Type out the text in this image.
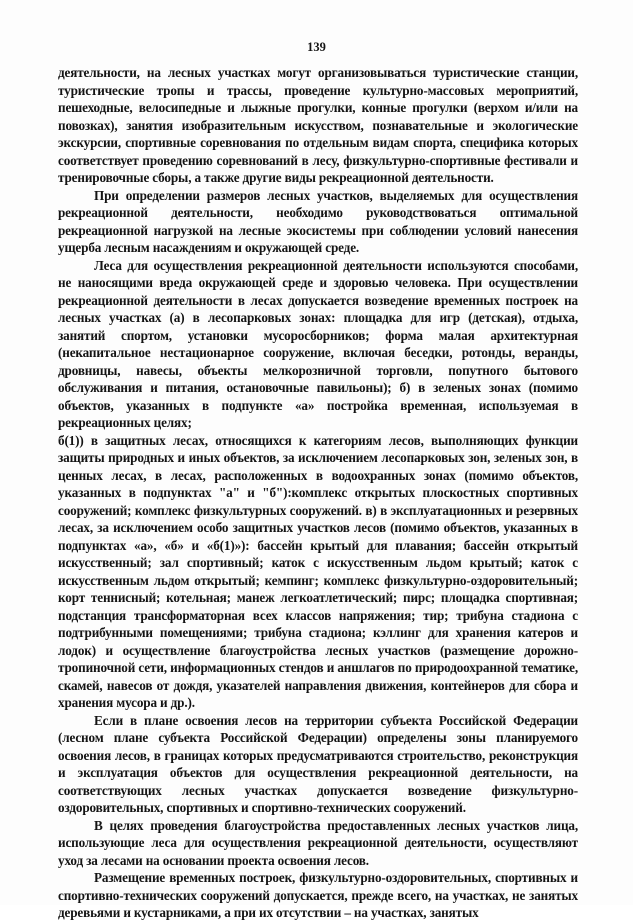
139

деятельности, на лесных участках могут организовываться туристические станции, туристические тропы и трассы, проведение культурно-массовых мероприятий, пешеходные, велосипедные и лыжные прогулки, конные прогулки (верхом и/или на повозках), занятия изобразительным искусством, познавательные и экологические экскурсии, спортивные соревнования по отдельным видам спорта, специфика которых соответствует проведению соревнований в лесу, физкультурно-спортивные фестивали и тренировочные сборы, а также другие виды рекреационной деятельности.

При определении размеров лесных участков, выделяемых для осуществления рекреационной деятельности, необходимо руководствоваться оптимальной рекреационной нагрузкой на лесные экосистемы при соблюдении условий нанесения ущерба лесным насаждениям и окружающей среде.

Леса для осуществления рекреационной деятельности используются способами, не наносящими вреда окружающей среде и здоровью человека. При осуществлении рекреационной деятельности в лесах допускается возведение временных построек на лесных участках (а) в лесопарковых зонах: площадка для игр (детская), отдыха, занятий спортом, установки мусоросборников; форма малая архитектурная (некапитальное нестационарное сооружение, включая беседки, ротонды, веранды, дровницы, навесы, объекты мелкорозничной торговли, попутного бытового обслуживания и питания, остановочные павильоны); б) в зеленых зонах (помимо объектов, указанных в подпункте «а» постройка временная, используемая в рекреационных целях;

б(1)) в защитных лесах, относящихся к категориям лесов, выполняющих функции защиты природных и иных объектов, за исключением лесопарковых зон, зеленых зон, в ценных лесах, в лесах, расположенных в водоохранных зонах (помимо объектов, указанных в подпунктах "а" и "б"):комплекс открытых плоскостных спортивных сооружений; комплекс физкультурных сооружений. в) в эксплуатационных и резервных лесах, за исключением особо защитных участков лесов (помимо объектов, указанных в подпунктах «а», «б» и «б(1)»): бассейн крытый для плавания; бассейн открытый искусственный; зал спортивный; каток с искусственным льдом крытый; каток с искусственным льдом открытый; кемпинг; комплекс физкультурно-оздоровительный; корт теннисный; котельная; манеж легкоатлетический; пирс; площадка спортивная; подстанция трансформаторная всех классов напряжения; тир; трибуна стадиона с подтрибунными помещениями; трибуна стадиона; кэллинг для хранения катеров и лодок) и осуществление благоустройства лесных участков (размещение дорожно-тропиночной сети, информационных стендов и аншлагов по природоохранной тематике, скамей, навесов от дождя, указателей направления движения, контейнеров для сбора и хранения мусора и др.).

Если в плане освоения лесов на территории субъекта Российской Федерации (лесном плане субъекта Российской Федерации) определены зоны планируемого освоения лесов, в границах которых предусматриваются строительство, реконструкция и эксплуатация объектов для осуществления рекреационной деятельности, на соответствующих лесных участках допускается возведение физкультурно-оздоровительных, спортивных и спортивно-технических сооружений.

В целях проведения благоустройства предоставленных лесных участков лица, использующие леса для осуществления рекреационной деятельности, осуществляют уход за лесами на основании проекта освоения лесов.

Размещение временных построек, физкультурно-оздоровительных, спортивных и спортивно-технических сооружений допускается, прежде всего, на участках, не занятых деревьями и кустарниками, а при их отсутствии – на участках, занятых
